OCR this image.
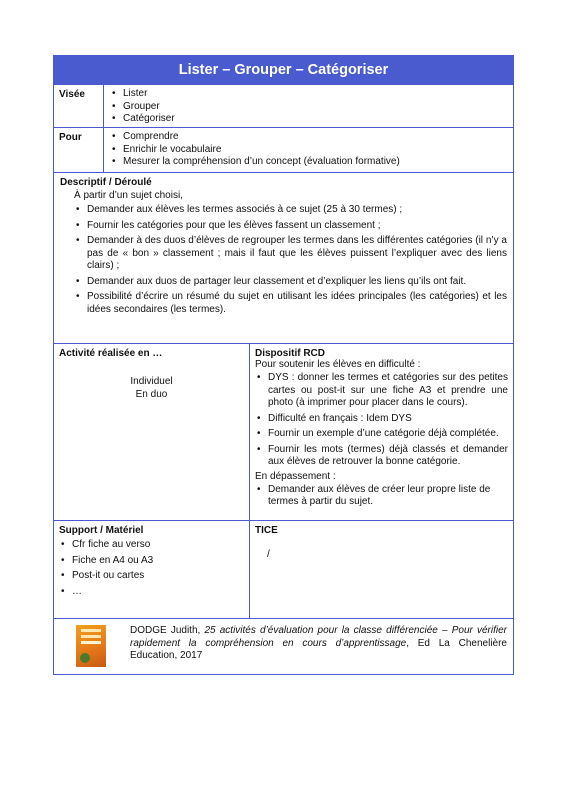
Lister – Grouper – Catégoriser
Visée	• Lister
• Grouper
• Catégoriser
Pour	• Comprendre
• Enrichir le vocabulaire
• Mesurer la compréhension d’un concept (évaluation formative)
Descriptif / Déroulé
À partir d’un sujet choisi,
• Demander aux élèves les termes associés à ce sujet (25 à 30 termes) ;
• Fournir les catégories pour que les élèves fassent un classement ;
• Demander à des duos d’élèves de regrouper les termes dans les différentes catégories (il n’y a pas de « bon » classement ; mais il faut que les élèves puissent l’expliquer avec des liens clairs) ;
• Demander aux duos de partager leur classement et d’expliquer les liens qu’ils ont fait.
• Possibilité d’écrire un résumé du sujet en utilisant les idées principales (les catégories) et les idées secondaires (les termes).
Activité réalisée en …
Individuel
En duo
Dispositif RCD
Pour soutenir les élèves en difficulté :
• DYS : donner les termes et catégories sur des petites cartes ou post-it sur une fiche A3 et prendre une photo (à imprimer pour placer dans le cours).
• Difficulté en français : Idem DYS
• Fournir un exemple d’une catégorie déjà complétée.
• Fournir les mots (termes) déjà classés et demander aux élèves de retrouver la bonne catégorie.
En dépassement :
• Demander aux élèves de créer leur propre liste de termes à partir du sujet.
Support / Matériel
• Cfr fiche au verso
• Fiche en A4 ou A3
• Post-it ou cartes
• …
TICE
/
DODGE Judith, 25 activités d’évaluation pour la classe différenciée – Pour vérifier rapidement la compréhension en cours d’apprentissage, Ed La Chenelière Education, 2017
